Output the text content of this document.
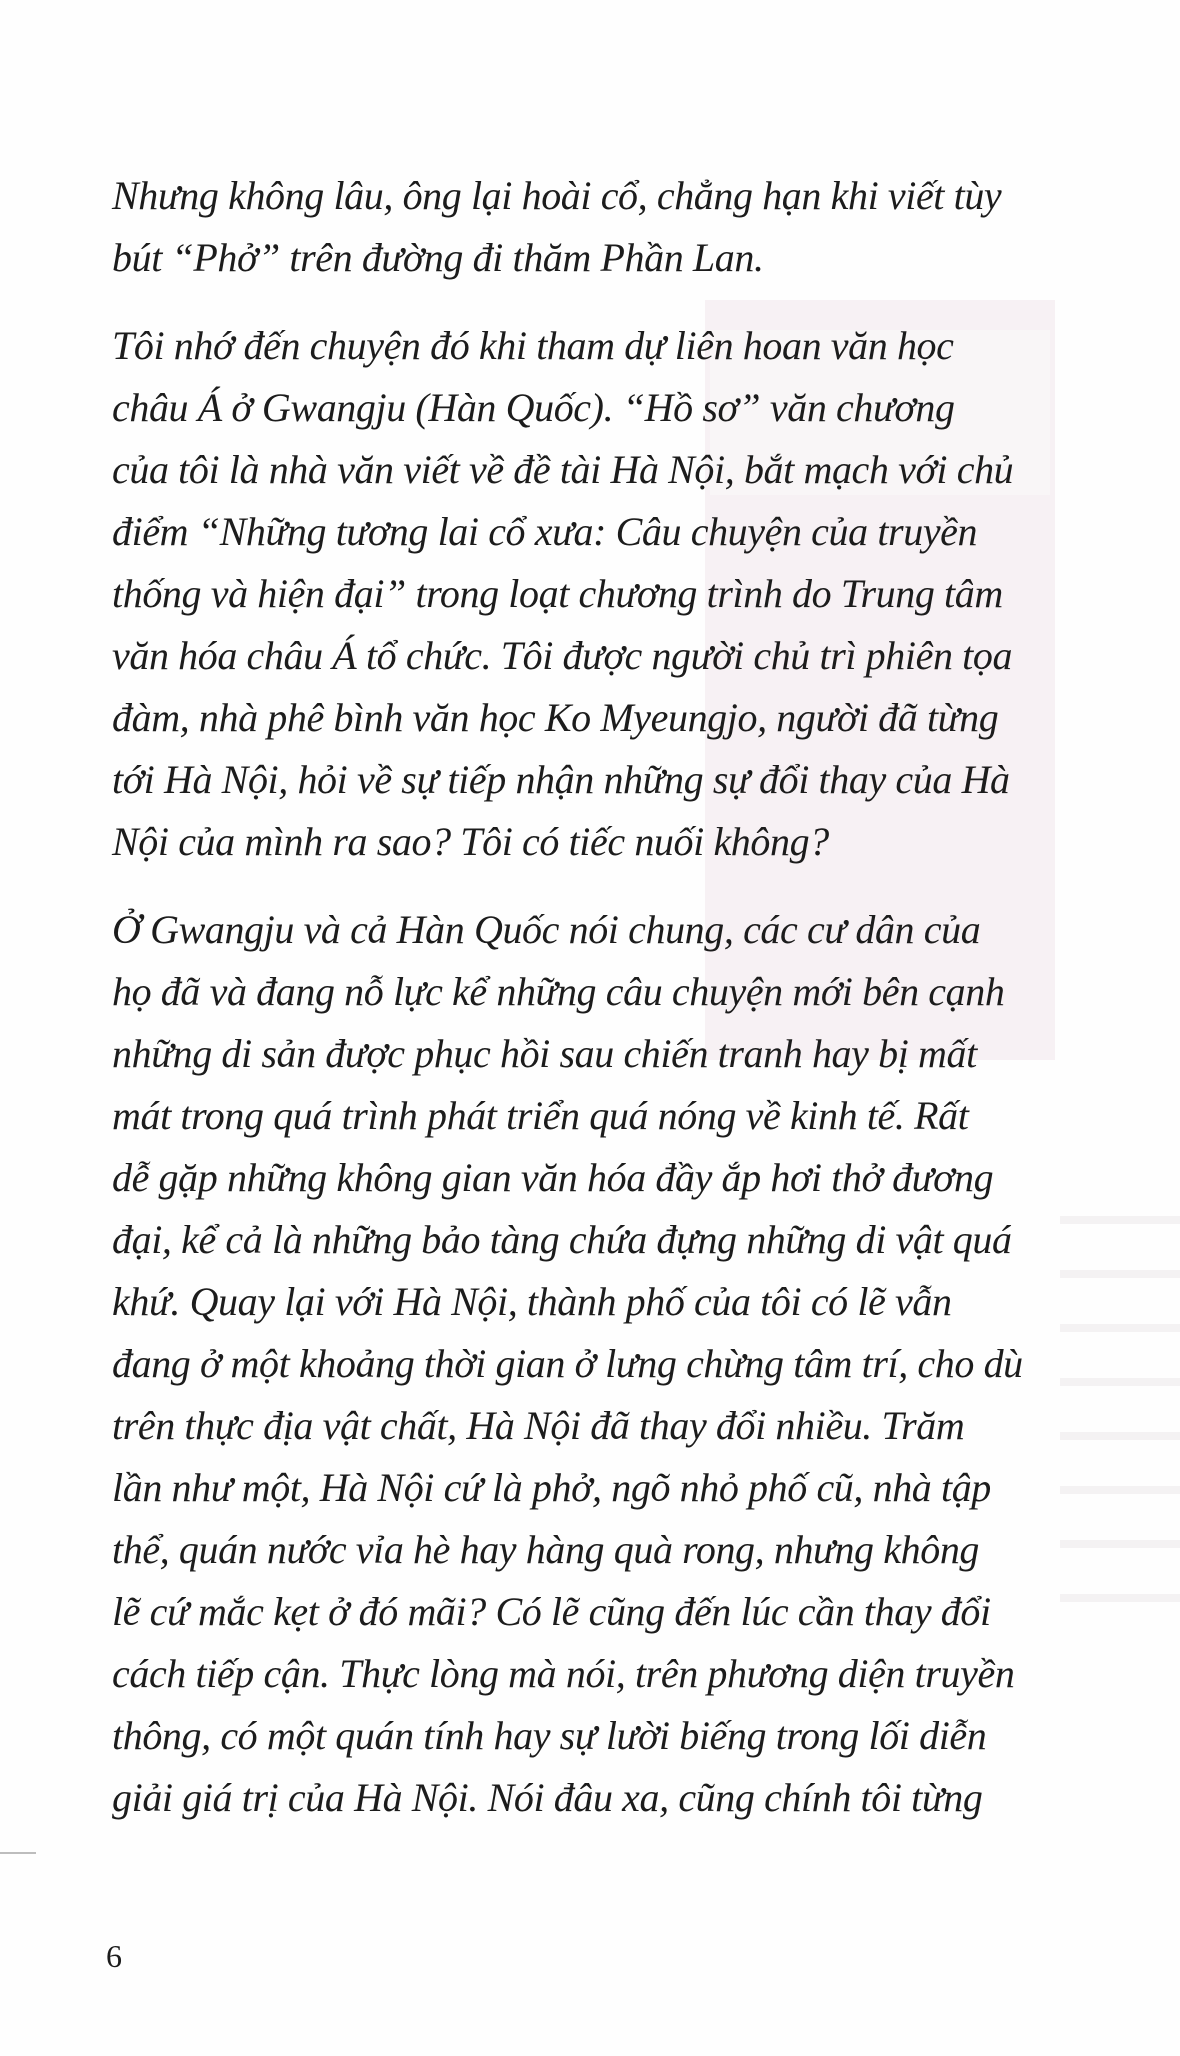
Nhưng không lâu, ông lại hoài cổ, chẳng hạn khi viết tùy
bút “Phở” trên đường đi thăm Phần Lan.
Tôi nhớ đến chuyện đó khi tham dự liên hoan văn học
châu Á ở Gwangju (Hàn Quốc). “Hồ sơ” văn chương
của tôi là nhà văn viết về đề tài Hà Nội, bắt mạch với chủ
điểm “Những tương lai cổ xưa: Câu chuyện của truyền
thống và hiện đại” trong loạt chương trình do Trung tâm
văn hóa châu Á tổ chức. Tôi được người chủ trì phiên tọa
đàm, nhà phê bình văn học Ko Myeungjo, người đã từng
tới Hà Nội, hỏi về sự tiếp nhận những sự đổi thay của Hà
Nội của mình ra sao? Tôi có tiếc nuối không?
Ở Gwangju và cả Hàn Quốc nói chung, các cư dân của
họ đã và đang nỗ lực kể những câu chuyện mới bên cạnh
những di sản được phục hồi sau chiến tranh hay bị mất
mát trong quá trình phát triển quá nóng về kinh tế. Rất
dễ gặp những không gian văn hóa đầy ắp hơi thở đương
đại, kể cả là những bảo tàng chứa đựng những di vật quá
khứ. Quay lại với Hà Nội, thành phố của tôi có lẽ vẫn
đang ở một khoảng thời gian ở lưng chừng tâm trí, cho dù
trên thực địa vật chất, Hà Nội đã thay đổi nhiều. Trăm
lần như một, Hà Nội cứ là phở, ngõ nhỏ phố cũ, nhà tập
thể, quán nước vỉa hè hay hàng quà rong, nhưng không
lẽ cứ mắc kẹt ở đó mãi? Có lẽ cũng đến lúc cần thay đổi
cách tiếp cận. Thực lòng mà nói, trên phương diện truyền
thông, có một quán tính hay sự lười biếng trong lối diễn
giải giá trị của Hà Nội. Nói đâu xa, cũng chính tôi từng
6
